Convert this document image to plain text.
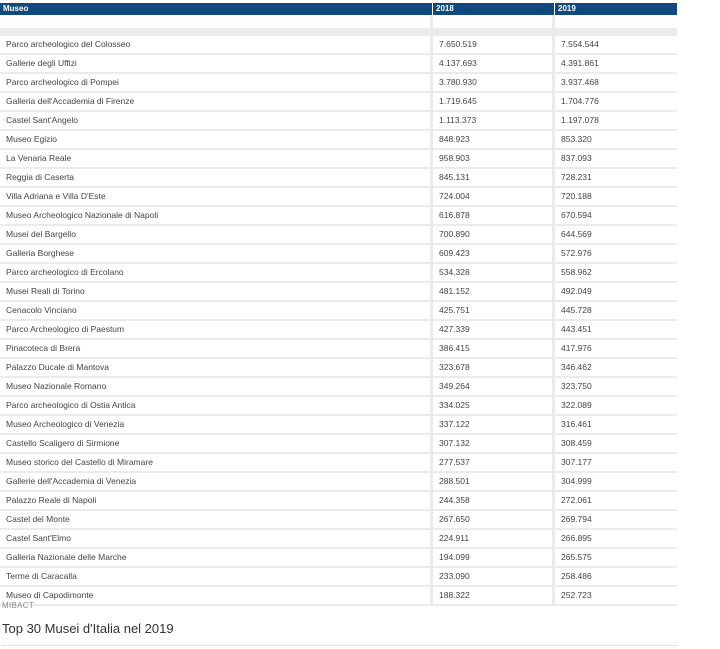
Museo	2018	2019

Parco archeologico del Colosseo	7.650.519	7.554.544
Gallerie degli Uffizi	4.137.693	4.391.861
Parco archeologico di Pompei	3.780.930	3.937.468
Galleria dell'Accademia di Firenze	1.719.645	1.704.776
Castel Sant'Angelo	1.113.373	1.197.078
Museo Egizio	848.923	853.320
La Venaria Reale	958.903	837.093
Reggia di Caserta	845.131	728.231
Villa Adriana e Villa D'Este	724.004	720.188
Museo Archeologico Nazionale di Napoli	616.878	670.594
Musei del Bargello	700.890	644.569
Galleria Borghese	609.423	572.976
Parco archeologico di Ercolano	534.328	558.962
Musei Reali di Torino	481.152	492.049
Cenacolo Vinciano	425.751	445.728
Parco Archeologico di Paestum	427.339	443.451
Pinacoteca di Brera	386.415	417.976
Palazzo Ducale di Mantova	323.678	346.462
Museo Nazionale Romano	349.264	323.750
Parco archeologico di Ostia Antica	334.025	322.089
Museo Archeologico di Venezia	337.122	316.461
Castello Scaligero di Sirmione	307.132	308.459
Museo storico del Castello di Miramare	277.537	307.177
Gallerie dell'Accademia di Venezia	288.501	304.999
Palazzo Reale di Napoli	244.358	272.061
Castel del Monte	267.650	269.794
Castel Sant'Elmo	224.911	266.895
Galleria Nazionale delle Marche	194.099	265.575
Terme di Caracalla	233.090	258.486
Museo di Capodimonte	188.322	252.723
MIBACT
Top 30 Musei d'Italia nel 2019
